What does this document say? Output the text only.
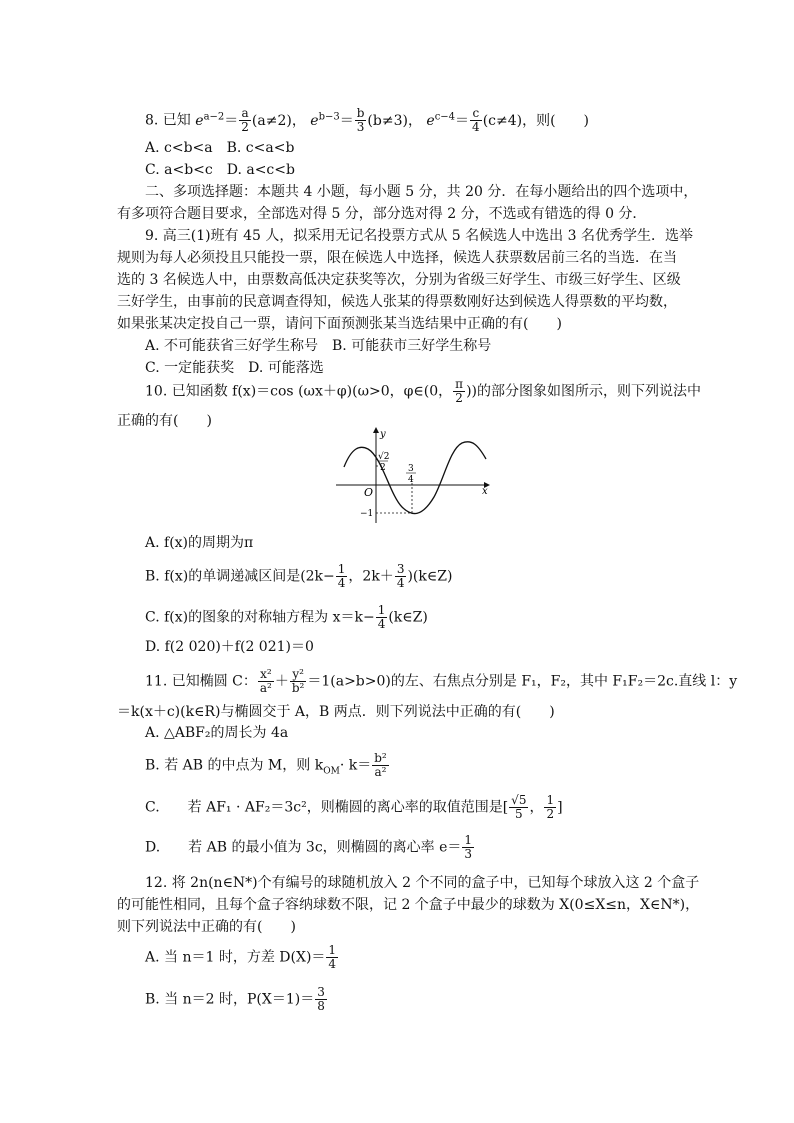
8. 已知 $e^{a-2}= \frac{a}{2} (a\ne 2)$， $e^{b-3}= \frac{b}{3} (b\ne 3)$， $e^{c-4}= \frac{c}{4} (c\ne 4)$，则(　　)
A. c<b<a　B. c<a<b
C. a<b<c　D. a<c<b
二、多项选择题：本题共 4 小题，每小题 5 分，共 20 分．在每小题给出的四个选项中，
有多项符合题目要求，全部选对得 5 分，部分选对得 2 分，不选或有错选的得 0 分．
9. 高三(1)班有 45 人，拟采用无记名投票方式从 5 名候选人中选出 3 名优秀学生．选举
规则为每人必须投且只能投一票，限在候选人中选择，候选人获票数居前三名的当选．在当
选的 3 名候选人中，由票数高低决定获奖等次，分别为省级三好学生、市级三好学生、区级
三好学生，由事前的民意调查得知，候选人张某的得票数刚好达到候选人得票数的平均数，
如果张某决定投自己一票，请问下面预测张某当选结果中正确的有(　　)
A. 不可能获省三好学生称号　B. 可能获市三好学生称号
C. 一定能获奖　D. 可能落选
10. 已知函数 f(x)＝cos (ωx＋φ)(ω>0，φ∈(0， $\frac{\pi}{2}$ ))的部分图象如图所示，则下列说法中
正确的有(　　)
y
x
O
√2
2 3
4
−1
A. f(x)的周期为π
B. f(x)的单调递减区间是($2k- \frac{1}{4}$ ，$2k+ \frac{3}{4}$ )(k∈Z)
C. f(x)的图象的对称轴方程为 $x=k- \frac{1}{4}$ (k∈Z)
D. f(2 020)＋f(2 021)＝0
11. 已知椭圆 C： $\frac{\text{x²}}{\text{a²}} + \frac{\text{y²}}{\text{b²}} =1(a>b>0)$的左、右焦点分别是 F₁，F₂，其中 F₁F₂＝2c.直线 l：y
＝k(x＋c)(k∈R)与椭圆交于 A，B 两点．则下列说法中正确的有(　　)
A. △ABF₂的周长为 4a
B. 若 AB 的中点为 M，则 $k_{OM}\cdot k= \frac{\text{b²}}{\text{a²}}$
C.　　若 AF₁ · AF₂＝3c²，则椭圆的离心率的取值范围是[ $\frac{√5}{5}$ ， $\frac{1}{2}$ ]
D.　　若 AB 的最小值为 3c，则椭圆的离心率 $e= \frac{1}{3}$
12. 将 2n(n∈N*)个有编号的球随机放入 2 个不同的盒子中，已知每个球放入这 2 个盒子
的可能性相同，且每个盒子容纳球数不限，记 2 个盒子中最少的球数为 X(0≤X≤n，X∈N*)，
则下列说法中正确的有(　　)
A. 当 n＝1 时，方差 $D(X)= \frac{1}{4}$
B. 当 n＝2 时，$P(X=1)= \frac{3}{8}$
